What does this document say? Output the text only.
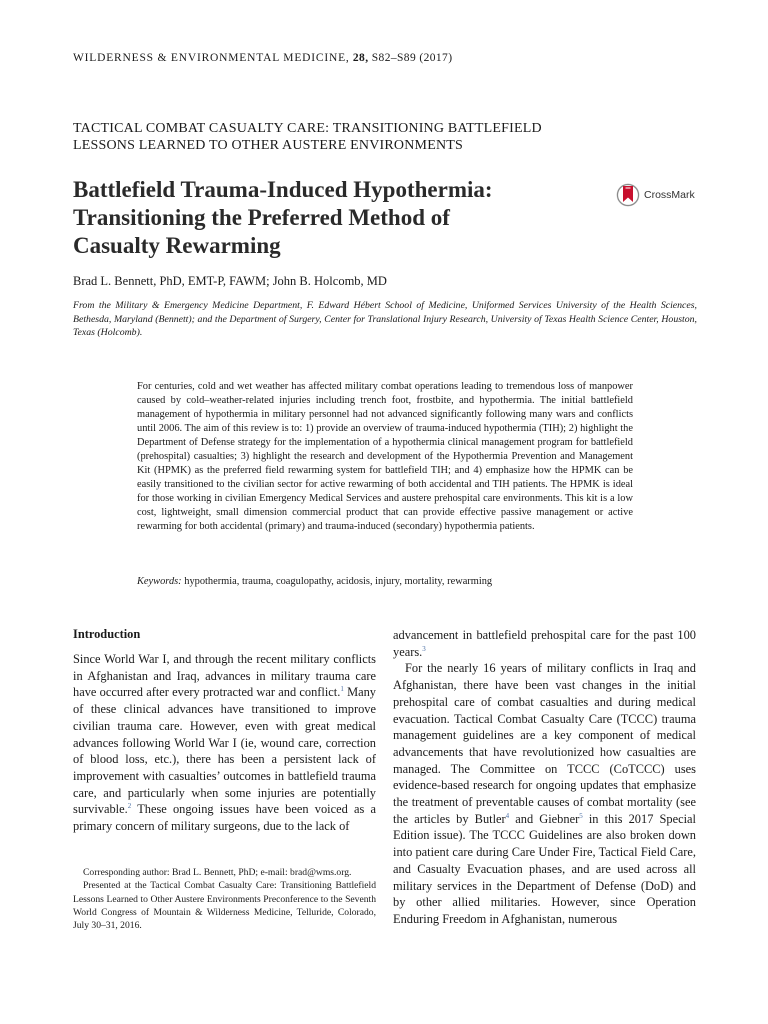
WILDERNESS & ENVIRONMENTAL MEDICINE, 28, S82–S89 (2017)
TACTICAL COMBAT CASUALTY CARE: TRANSITIONING BATTLEFIELD
LESSONS LEARNED TO OTHER AUSTERE ENVIRONMENTS
Battlefield Trauma-Induced Hypothermia:
Transitioning the Preferred Method of
Casualty Rewarming
CrossMark
Brad L. Bennett, PhD, EMT-P, FAWM; John B. Holcomb, MD
From the Military & Emergency Medicine Department, F. Edward Hébert School of Medicine, Uniformed Services University of the Health Sciences, Bethesda, Maryland (Bennett); and the Department of Surgery, Center for Translational Injury Research, University of Texas Health Science Center, Houston, Texas (Holcomb).
For centuries, cold and wet weather has affected military combat operations leading to tremendous loss of manpower caused by cold–weather-related injuries including trench foot, frostbite, and hypothermia. The initial battlefield management of hypothermia in military personnel had not advanced significantly following many wars and conflicts until 2006. The aim of this review is to: 1) provide an overview of trauma-induced hypothermia (TIH); 2) highlight the Department of Defense strategy for the implementation of a hypothermia clinical management program for battlefield (prehospital) casualties; 3) highlight the research and development of the Hypothermia Prevention and Management Kit (HPMK) as the preferred field rewarming system for battlefield TIH; and 4) emphasize how the HPMK can be easily transitioned to the civilian sector for active rewarming of both accidental and TIH patients. The HPMK is ideal for those working in civilian Emergency Medical Services and austere prehospital care environments. This kit is a low cost, lightweight, small dimension commercial product that can provide effective passive management or active rewarming for both accidental (primary) and trauma-induced (secondary) hypothermia patients.
Keywords: hypothermia, trauma, coagulopathy, acidosis, injury, mortality, rewarming
Introduction

Since World War I, and through the recent military conflicts in Afghanistan and Iraq, advances in military trauma care have occurred after every protracted war and conflict.$^1$ Many of these clinical advances have transitioned to improve civilian trauma care. However, even with great medical advances following World War I (ie, wound care, correction of blood loss, etc.), there has been a persistent lack of improvement with casualties’ outcomes in battlefield trauma care, and particularly when some injuries are potentially survivable.$^2$ These ongoing issues have been voiced as a primary concern of military surgeons, due to the lack of

advancement in battlefield prehospital care for the past 100 years.$^3$

For the nearly 16 years of military conflicts in Iraq and Afghanistan, there have been vast changes in the initial prehospital care of combat casualties and during medical evacuation. Tactical Combat Casualty Care (TCCC) trauma management guidelines are a key component of medical advancements that have revolutionized how casualties are managed. The Committee on TCCC (CoTCCC) uses evidence-based research for ongoing updates that emphasize the treatment of preventable causes of combat mortality (see the articles by Butler$^4$ and Giebner$^5$ in this 2017 Special Edition issue). The TCCC Guidelines are also broken down into patient care during Care Under Fire, Tactical Field Care, and Casualty Evacuation phases, and are used across all military services in the Department of Defense (DoD) and by other allied militaries. However, since Operation Enduring Freedom in Afghanistan, numerous

Corresponding author: Brad L. Bennett, PhD; e-mail: brad@wms.org.

Presented at the Tactical Combat Casualty Care: Transitioning Battlefield Lessons Learned to Other Austere Environments Preconference to the Seventh World Congress of Mountain & Wilderness Medicine, Telluride, Colorado, July 30–31, 2016.
